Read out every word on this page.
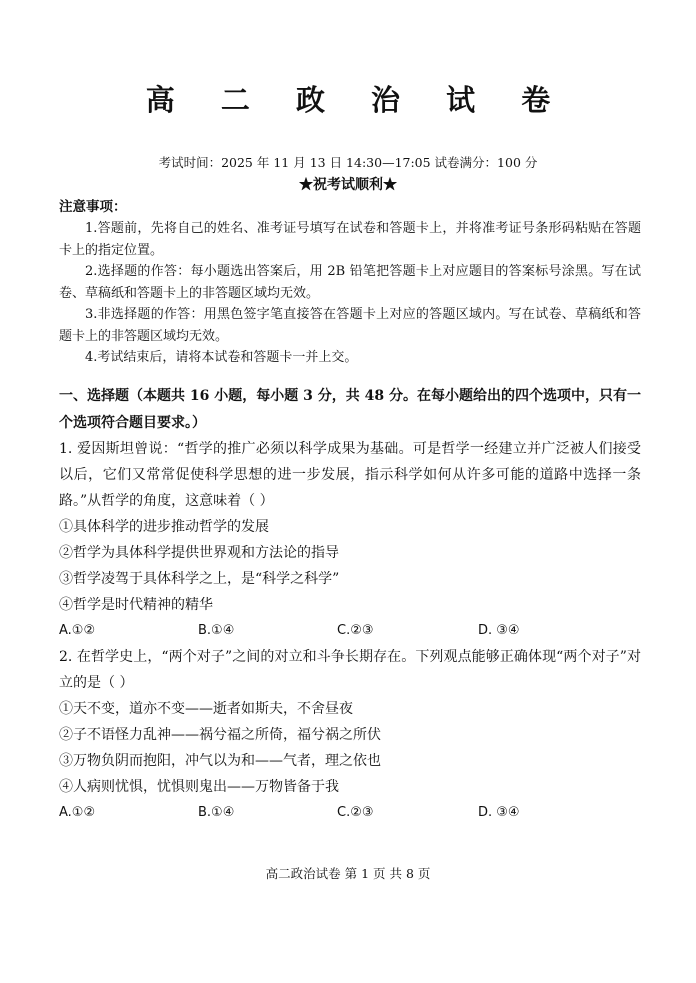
高 二 政 治 试 卷
考试时间：2025 年 11 月 13 日 14:30—17:05 试卷满分：100 分
★祝考试顺利★
注意事项：

1.答题前，先将自己的姓名、准考证号填写在试卷和答题卡上，并将准考证号条形码粘贴在答题卡上的指定位置。

2.选择题的作答：每小题选出答案后，用 2B 铅笔把答题卡上对应题目的答案标号涂黑。写在试卷、草稿纸和答题卡上的非答题区域均无效。

3.非选择题的作答：用黑色签字笔直接答在答题卡上对应的答题区域内。写在试卷、草稿纸和答题卡上的非答题区域均无效。

4.考试结束后，请将本试卷和答题卡一并上交。

一、选择题（本题共 16 小题，每小题 3 分，共 48 分。在每小题给出的四个选项中，只有一个选项符合题目要求。）

1. 爱因斯坦曾说：“哲学的推广必须以科学成果为基础。可是哲学一经建立并广泛被人们接受以后，它们又常常促使科学思想的进一步发展，指示科学如何从许多可能的道路中选择一条路。”从哲学的角度，这意味着（ ）

①具体科学的进步推动哲学的发展

②哲学为具体科学提供世界观和方法论的指导

③哲学凌驾于具体科学之上，是“科学之科学”

④哲学是时代精神的精华

A.①②	B.①④	C.②③	D. ③④

2. 在哲学史上，“两个对子”之间的对立和斗争长期存在。下列观点能够正确体现“两个对子”对立的是（ ）

①天不变，道亦不变——逝者如斯夫，不舍昼夜

②子不语怪力乱神——祸兮福之所倚，福兮祸之所伏

③万物负阴而抱阳，冲气以为和——气者，理之依也

④人病则忧惧，忧惧则鬼出——万物皆备于我

A.①②	B.①④	C.②③	D. ③④
高二政治试卷 第 1 页 共 8 页
